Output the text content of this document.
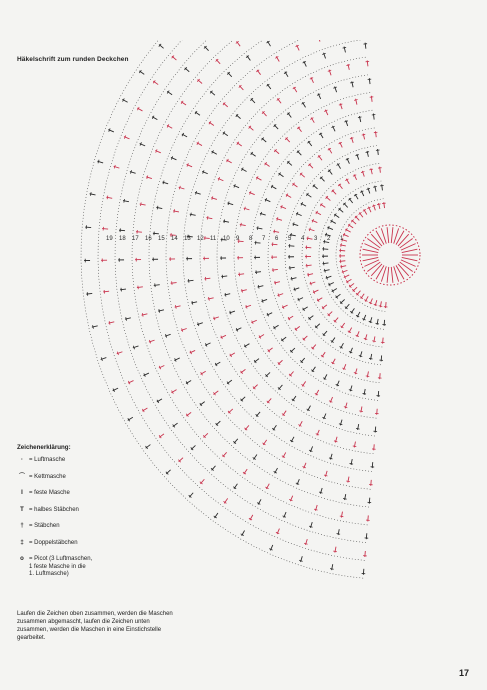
Häkelschrift zum runden Deckchen
1
2
3
4
5
6
7
8
9
10
11
12
13
14
15
16
17
18
19
Zeichenerklärung:
·	= Luftmasche
⌒ = Kettmasche
I	= feste Masche
T = halbes Stäbchen
† = Stäbchen
‡ = Doppelstäbchen
o = Picot (3 Luftmaschen,
1 feste Masche in die
1. Luftmasche)
Laufen die Zeichen oben zusammen, werden die Maschen zusammen abgemascht, laufen die Zeichen unten zusammen, werden die Maschen in eine Einstichstelle gearbeitet.
17
